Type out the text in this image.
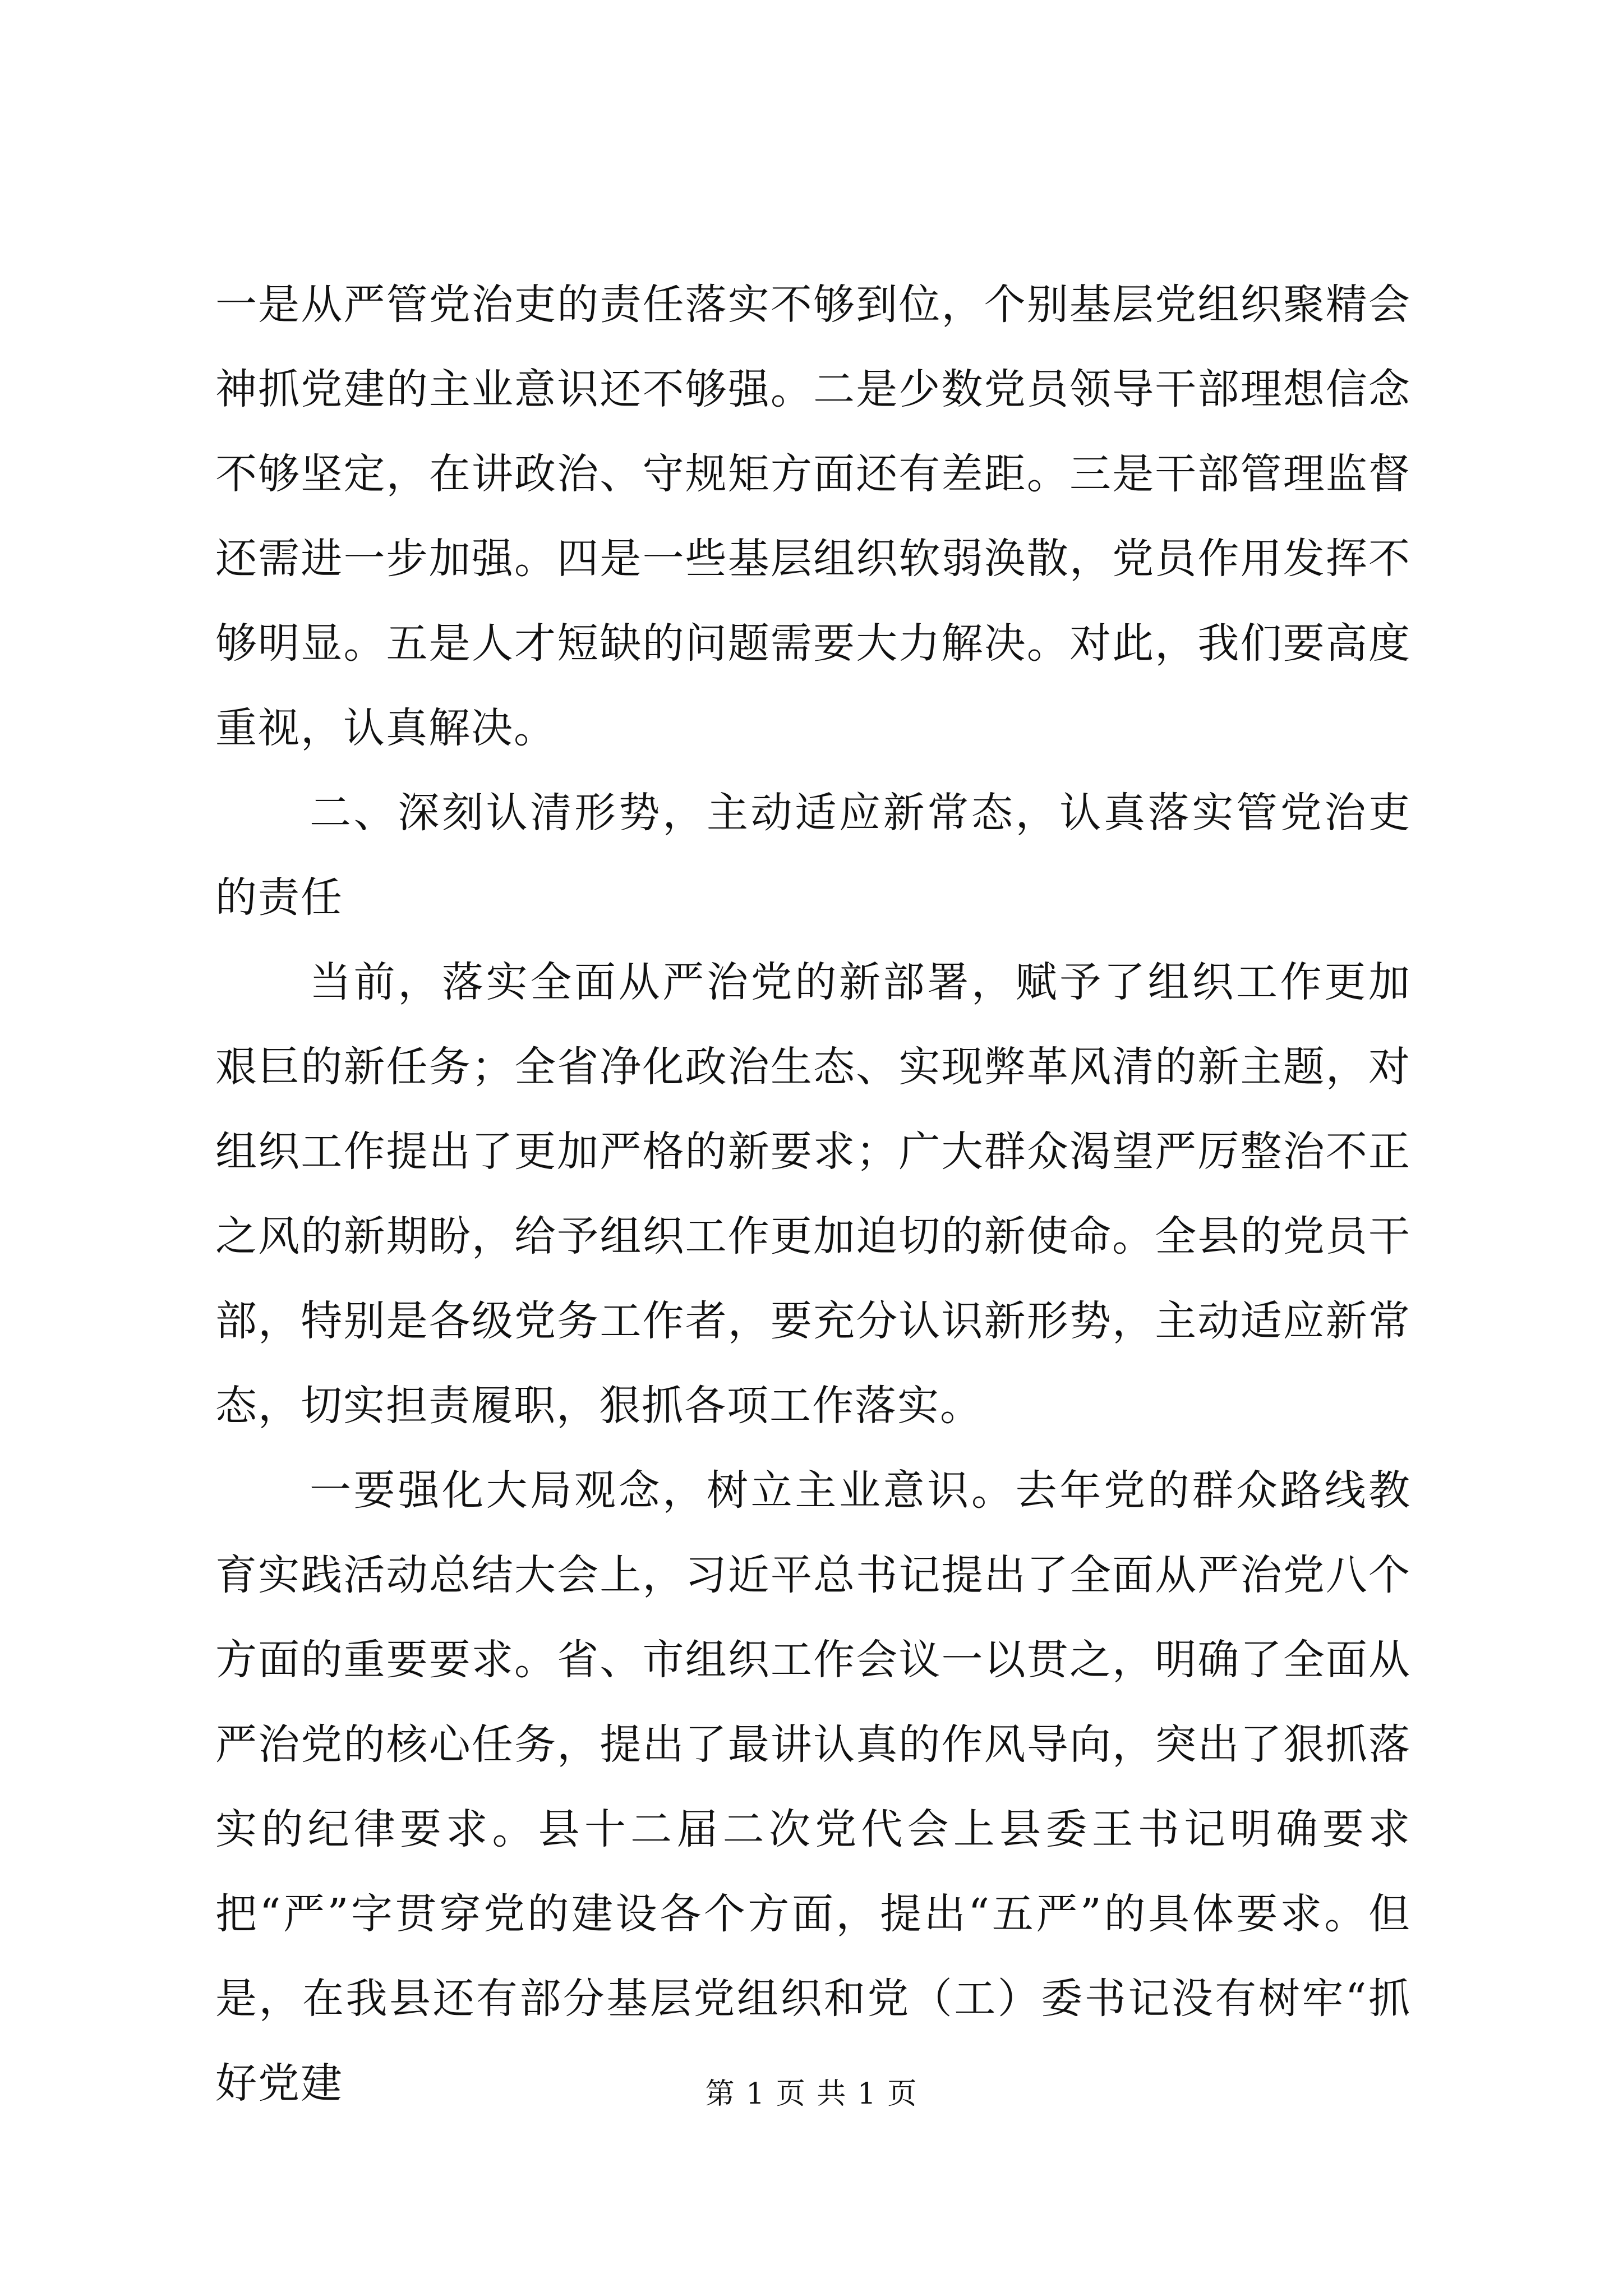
一是从严管党治吏的责任落实不够到位，个别基层党组织聚精会神抓党建的主业意识还不够强。二是少数党员领导干部理想信念不够坚定，在讲政治、守规矩方面还有差距。三是干部管理监督还需进一步加强。四是一些基层组织软弱涣散，党员作用发挥不够明显。五是人才短缺的问题需要大力解决。对此，我们要高度重视，认真解决。

二、深刻认清形势，主动适应新常态，认真落实管党治吏的责任

当前，落实全面从严治党的新部署，赋予了组织工作更加艰巨的新任务；全省净化政治生态、实现弊革风清的新主题，对组织工作提出了更加严格的新要求；广大群众渴望严厉整治不正之风的新期盼，给予组织工作更加迫切的新使命。全县的党员干部，特别是各级党务工作者，要充分认识新形势，主动适应新常态，切实担责履职，狠抓各项工作落实。

一要强化大局观念，树立主业意识。去年党的群众路线教育实践活动总结大会上，习近平总书记提出了全面从严治党八个方面的重要要求。省、市组织工作会议一以贯之，明确了全面从严治党的核心任务，提出了最讲认真的作风导向，突出了狠抓落实的纪律要求。县十二届二次党代会上县委王书记明确要求把“严”字贯穿党的建设各个方面，提出“五严”的具体要求。但是，在我县还有部分基层党组织和党（工）委书记没有树牢“抓好党建	第 1 页 共 1 页
